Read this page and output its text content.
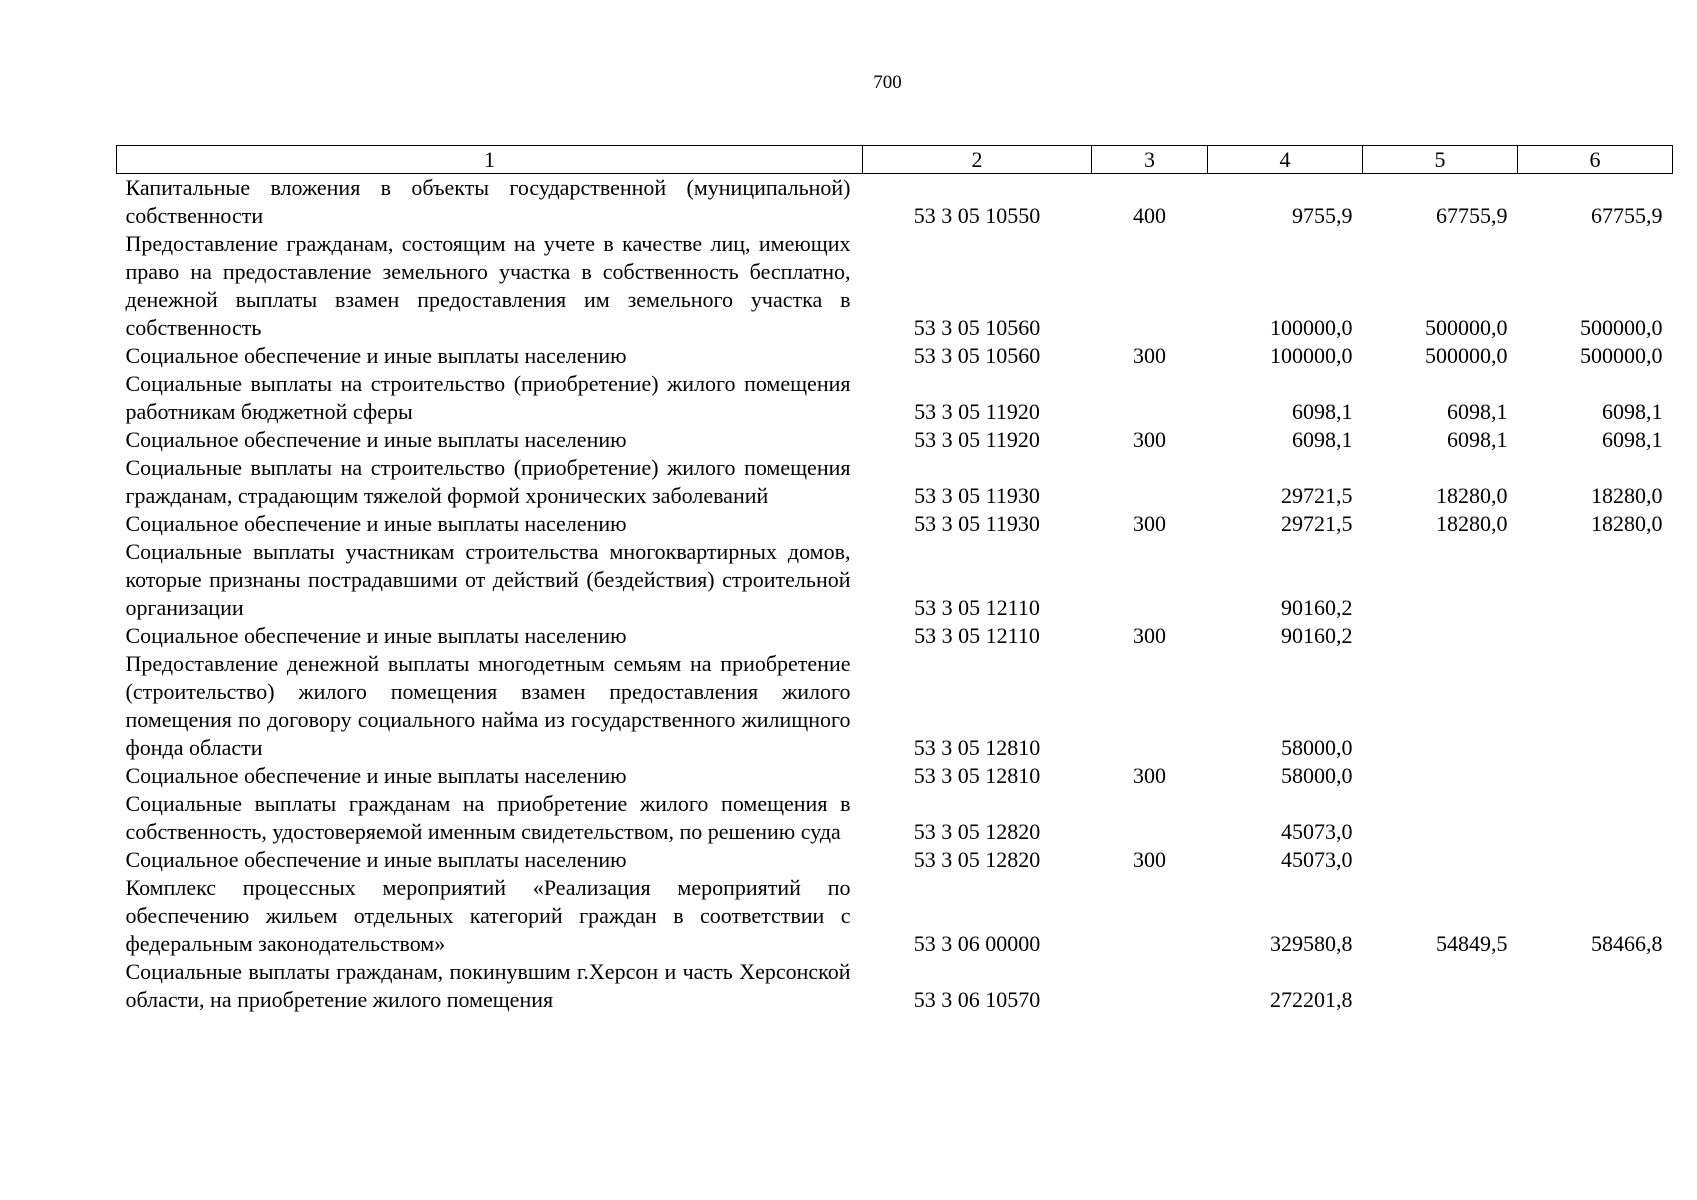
700
1	2	3	4	5	6
Капитальные вложения в объекты государственной (муниципальной) собственности	53 3 05 10550	400	9755,9	67755,9	67755,9
Предоставление гражданам, состоящим на учете в качестве лиц, имеющих право на предоставление земельного участка в собственность бесплатно, денежной выплаты взамен предоставления им земельного участка в собственность	53 3 05 10560		100000,0	500000,0	500000,0
Социальное обеспечение и иные выплаты населению	53 3 05 10560	300	100000,0	500000,0	500000,0
Социальные выплаты на строительство (приобретение) жилого помещения работникам бюджетной сферы	53 3 05 11920		6098,1	6098,1	6098,1
Социальное обеспечение и иные выплаты населению	53 3 05 11920	300	6098,1	6098,1	6098,1
Социальные выплаты на строительство (приобретение) жилого помещения гражданам, страдающим тяжелой формой хронических заболеваний	53 3 05 11930		29721,5	18280,0	18280,0
Социальное обеспечение и иные выплаты населению	53 3 05 11930	300	29721,5	18280,0	18280,0
Социальные выплаты участникам строительства многоквартирных домов, которые признаны пострадавшими от действий (бездействия) строительной организации	53 3 05 12110		90160,2		
Социальное обеспечение и иные выплаты населению	53 3 05 12110	300	90160,2		
Предоставление денежной выплаты многодетным семьям на приобретение (строительство) жилого помещения взамен предоставления жилого помещения по договору социального найма из государственного жилищного фонда области	53 3 05 12810		58000,0		
Социальное обеспечение и иные выплаты населению	53 3 05 12810	300	58000,0		
Социальные выплаты гражданам на приобретение жилого помещения в собственность, удостоверяемой именным свидетельством, по решению суда	53 3 05 12820		45073,0		
Социальное обеспечение и иные выплаты населению	53 3 05 12820	300	45073,0		
Комплекс процессных мероприятий «Реализация мероприятий по обеспечению жильем отдельных категорий граждан в соответствии с федеральным законодательством»	53 3 06 00000		329580,8	54849,5	58466,8
Социальные выплаты гражданам, покинувшим г.Херсон и часть Херсонской области, на приобретение жилого помещения	53 3 06 10570		272201,8		
